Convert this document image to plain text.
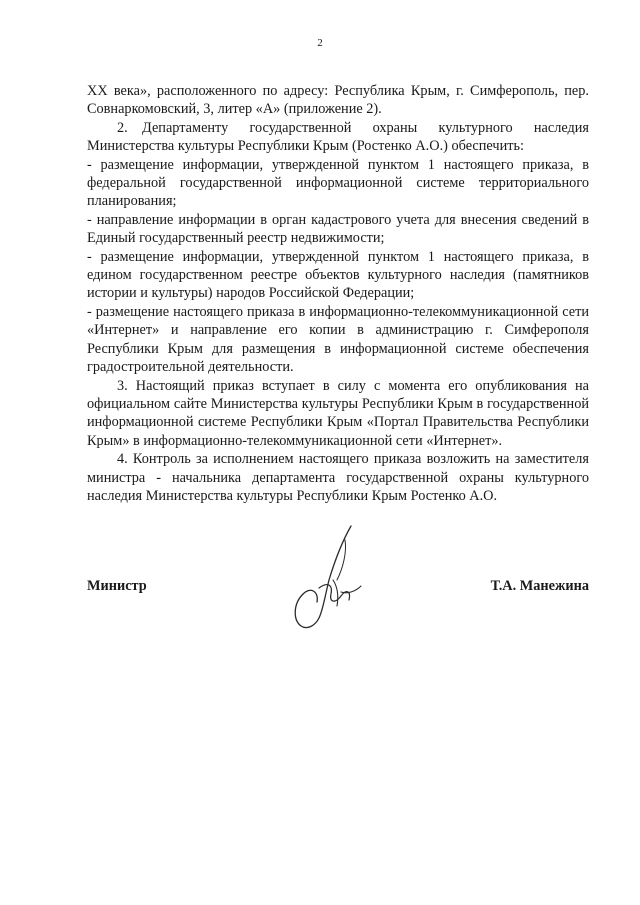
2

XX века», расположенного по адресу: Республика Крым, г. Симферополь, пер. Совнаркомовский, 3, литер «А» (приложение 2).

2. Департаменту государственной охраны культурного наследия Министерства культуры Республики Крым (Ростенко А.О.) обеспечить:

- размещение информации, утвержденной пунктом 1 настоящего приказа, в федеральной государственной информационной системе территориального планирования;

- направление информации в орган кадастрового учета для внесения сведений в Единый государственный реестр недвижимости;

- размещение информации, утвержденной пунктом 1 настоящего приказа, в едином государственном реестре объектов культурного наследия (памятников истории и культуры) народов Российской Федерации;

- размещение настоящего приказа в информационно-телекоммуникационной сети «Интернет» и направление его копии в администрацию г. Симферополя Республики Крым для размещения в информационной системе обеспечения градостроительной деятельности.

3. Настоящий приказ вступает в силу с момента его опубликования на официальном сайте Министерства культуры Республики Крым в государственной информационной системе Республики Крым «Портал Правительства Республики Крым» в информационно-телекоммуникационной сети «Интернет».

4. Контроль за исполнением настоящего приказа возложить на заместителя министра - начальника департамента государственной охраны культурного наследия Министерства культуры Республики Крым Ростенко А.О.

Министр	Т.А. Манежина
